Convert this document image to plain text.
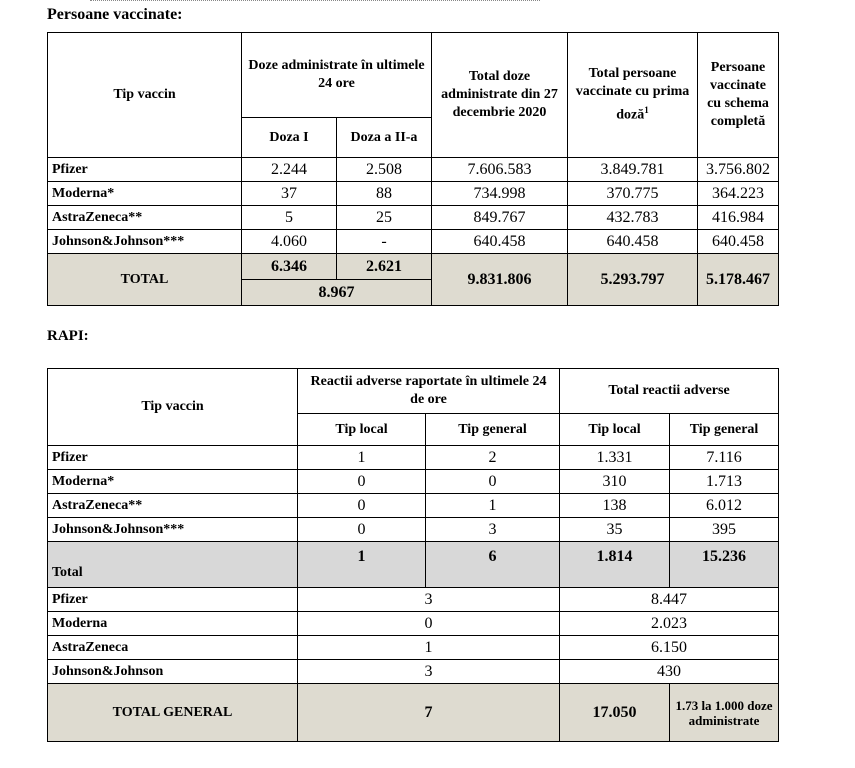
Persoane vaccinate:
Tip vaccin	Doze administrate în ultimele 24 ore		Total doze administrate din 27 decembrie 2020	Total persoane vaccinate cu prima doză$^1$	Persoane vaccinate cu schema completă
	Doza I	Doza a II-a			
Pfizer	2.244	2.508	7.606.583	3.849.781	3.756.802
Moderna*	37	88	734.998	370.775	364.223
AstraZeneca**	5	25	849.767	432.783	416.984
Johnson&Johnson***	4.060	-	640.458	640.458	640.458
TOTAL	6.346	2.621	9.831.806	5.293.797	5.178.467
	8.967				
RAPI:
Tip vaccin	Reactii adverse raportate în ultimele 24 de ore		Total reactii adverse	
	Tip local	Tip general	Tip local	Tip general
Pfizer	1	2	1.331	7.116
Moderna*	0	0	310	1.713
AstraZeneca**	0	1	138	6.012
Johnson&Johnson***	0	3	35	395
Total	1	6	1.814	15.236
Pfizer	3		8.447	
Moderna	0		2.023	
AstraZeneca	1		6.150	
Johnson&Johnson	3		430	
TOTAL GENERAL	7		17.050	1.73 la 1.000 doze administrate
